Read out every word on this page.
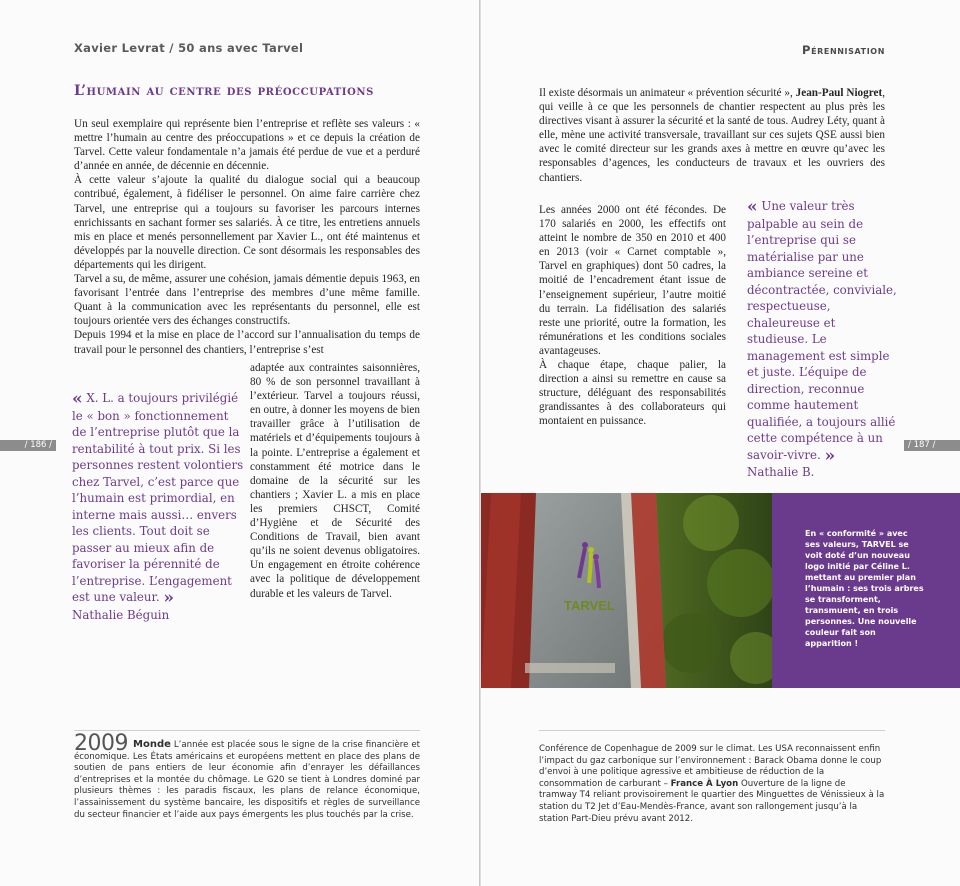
Xavier Levrat / 50 ans avec Tarvel	Pérennisation
L’humain au centre des préoccupations

Un seul exemplaire qui représente bien l’entreprise et reflète ses valeurs : « mettre l’humain au centre des préoccupations » et ce depuis la création de Tarvel. Cette valeur fondamentale n’a jamais été perdue de vue et a perduré d’année en année, de décennie en décennie.

À cette valeur s’ajoute la qualité du dialogue social qui a beaucoup contribué, également, à fidéliser le personnel. On aime faire carrière chez Tarvel, une entreprise qui a toujours su favoriser les parcours internes enrichissants en sachant former ses salariés. À ce titre, les entretiens annuels mis en place et menés personnellement par Xavier L., ont été maintenus et développés par la nouvelle direction. Ce sont désormais les responsables des départements qui les dirigent.

Tarvel a su, de même, assurer une cohésion, jamais démentie depuis 1963, en favorisant l’entrée dans l’entreprise des membres d’une même famille. Quant à la communication avec les représentants du personnel, elle est toujours orientée vers des échanges constructifs.

Depuis 1994 et la mise en place de l’accord sur l’annualisation du temps de travail pour le personnel des chantiers, l’entreprise s’est

adaptée aux contraintes saisonnières, 80 % de son personnel travaillant à l’extérieur. Tarvel a toujours réussi, en outre, à donner les moyens de bien travailler grâce à l’utilisation de matériels et d’équipements toujours à la pointe. L’entreprise a également et constamment été motrice dans le domaine de la sécurité sur les chantiers ; Xavier L. a mis en place les premiers CHSCT, Comité d’Hygiène et de Sécurité des Conditions de Travail, bien avant qu’ils ne soient devenus obligatoires. Un engagement en étroite cohérence avec la politique de développement durable et les valeurs de Tarvel.
« X. L. a toujours privilégié le « bon » fonctionnement de l’entreprise plutôt que la rentabilité à tout prix. Si les personnes restent volontiers chez Tarvel, c’est parce que l’humain est primordial, en interne mais aussi… envers les clients. Tout doit se passer au mieux afin de favoriser la pérennité de l’entreprise. L’engagement est une valeur. »
Nathalie Béguin
/ 186 /	/ 187 /

Il existe désormais un animateur « prévention sécurité », Jean-Paul Niogret, qui veille à ce que les personnels de chantier respectent au plus près les directives visant à assurer la sécurité et la santé de tous. Audrey Léty, quant à elle, mène une activité transversale, travaillant sur ces sujets QSE aussi bien avec le comité directeur sur les grands axes à mettre en œuvre qu’avec les responsables d’agences, les conducteurs de travaux et les ouvriers des chantiers.

Les années 2000 ont été fécondes. De 170 salariés en 2000, les effectifs ont atteint le nombre de 350 en 2010 et 400 en 2013 (voir « Carnet comptable », Tarvel en graphiques) dont 50 cadres, la moitié de l’encadrement étant issue de l’enseignement supérieur, l’autre moitié du terrain. La fidélisation des salariés reste une priorité, outre la formation, les rémunérations et les conditions sociales avantageuses.

À chaque étape, chaque palier, la direction a ainsi su remettre en cause sa structure, déléguant des responsabilités grandissantes à des collaborateurs qui montaient en puissance.

« Une valeur très palpable au sein de l’entreprise qui se matérialise par une ambiance sereine et décontractée, conviviale, respectueuse, chaleureuse et studieuse. Le management est simple et juste. L’équipe de direction, reconnue comme hautement qualifiée, a toujours allié cette compétence à un savoir-vivre. »
Nathalie B.
TARVEL
En « conformité » avec ses valeurs, TARVEL se voit doté d’un nouveau logo initié par Céline L. mettant au premier plan l’humain : ses trois arbres se transforment, transmuent, en trois personnes. Une nouvelle couleur fait son apparition !
2009 Monde L’année est placée sous le signe de la crise financière et économique. Les États américains et européens mettent en place des plans de soutien de pans entiers de leur économie afin d’enrayer les défaillances d’entreprises et la montée du chômage. Le G20 se tient à Londres dominé par plusieurs thèmes : les paradis fiscaux, les plans de relance économique, l’assainissement du système bancaire, les dispositifs et règles de surveillance du secteur financier et l’aide aux pays émergents les plus touchés par la crise.
Conférence de Copenhague de 2009 sur le climat. Les USA reconnaissent enfin l’impact du gaz carbonique sur l’environnement : Barack Obama donne le coup d’envoi à une politique agressive et ambitieuse de réduction de la consommation de carburant – France À Lyon Ouverture de la ligne de tramway T4 reliant provisoirement le quartier des Minguettes de Vénissieux à la station du T2 Jet d’Eau-Mendès-France, avant son rallongement jusqu’à la station Part-Dieu prévu avant 2012.
